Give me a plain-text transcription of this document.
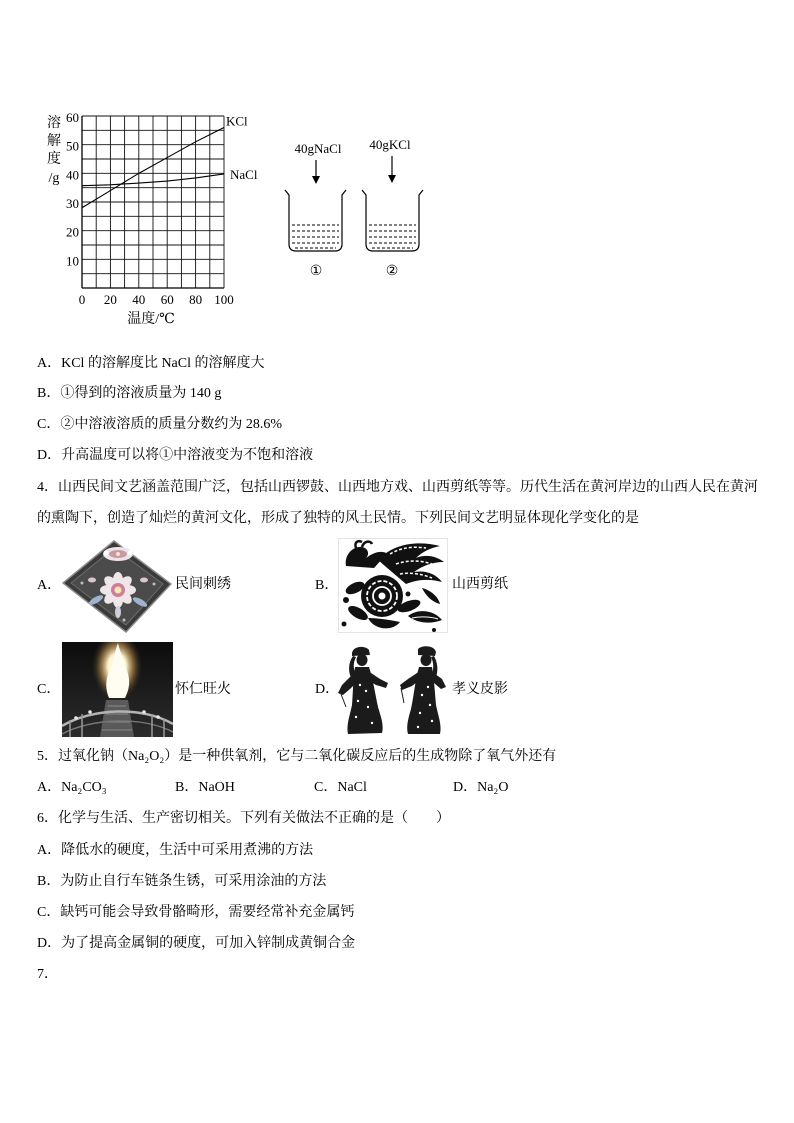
0 20 40 60 80 100
10
20
30
40
50
60	KCl
NaCl
温度/℃
溶
解
度
/g
40gNaCl
①
40gKCl
②
A．KCl 的溶解度比 NaCl 的溶解度大
B．①得到的溶液质量为 140 g
C．②中溶液溶质的质量分数约为 28.6%
D．升高温度可以将①中溶液变为不饱和溶液
4．山西民间文艺涵盖范围广泛，包括山西锣鼓、山西地方戏、山西剪纸等等。历代生活在黄河岸边的山西人民在黄河
的熏陶下，创造了灿烂的黄河文化，形成了独特的风土民情。下列民间文艺明显体现化学变化的是
A．	民间刺绣	B．	山西剪纸
C．	怀仁旺火	D．	孝义皮影
5．过氧化钠（Na₂O₂）是一种供氧剂，它与二氧化碳反应后的生成物除了氧气外还有
A．Na₂CO₃	B．NaOH	C．NaCl	D．Na₂O
6．化学与生活、生产密切相关。下列有关做法不正确的是（　　）
A．降低水的硬度，生活中可采用煮沸的方法
B．为防止自行车链条生锈，可采用涂油的方法
C．缺钙可能会导致骨骼畸形，需要经常补充金属钙
D．为了提高金属铜的硬度，可加入锌制成黄铜合金
7．
